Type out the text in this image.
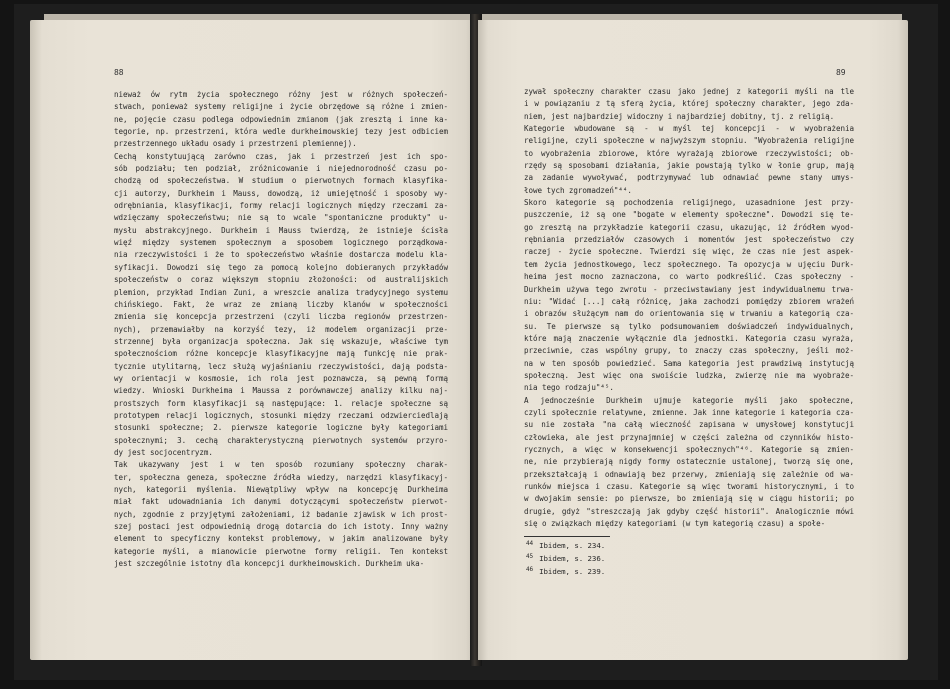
88
nieważ ów rytm życia społecznego różny jest w różnych społeczeń-
stwach, ponieważ systemy religijne i życie obrzędowe są różne i zmien-
ne, pojęcie czasu podlega odpowiednim zmianom (jak zresztą i inne ka-
tegorie, np. przestrzeni, która wedle durkheimowskiej tezy jest odbiciem
przestrzennego układu osady i przestrzeni plemiennej).
Cechą konstytuującą zarówno czas, jak i przestrzeń jest ich spo-
sób podziału; ten podział, zróżnicowanie i niejednorodność czasu po-
chodzą od społeczeństwa. W studium o pierwotnych formach klasyfika-
cji autorzy, Durkheim i Mauss, dowodzą, iż umiejętność i sposoby wy-
odrębniania, klasyfikacji, formy relacji logicznych między rzeczami za-
wdzięczamy społeczeństwu; nie są to wcale "spontaniczne produkty" u-
mysłu abstrakcyjnego. Durkheim i Mauss twierdzą, że istnieje ścisła
więź między systemem społecznym a sposobem logicznego porządkowa-
nia rzeczywistości i że to społeczeństwo właśnie dostarcza modelu kla-
syfikacji. Dowodzi się tego za pomocą kolejno dobieranych przykładów
społeczeństw o coraz większym stopniu złożoności: od australijskich
plemion, przykład Indian Zuni, a wreszcie analiza tradycyjnego systemu
chińskiego. Fakt, że wraz ze zmianą liczby klanów w społeczności
zmienia się koncepcja przestrzeni (czyli liczba regionów przestrzen-
nych), przemawiałby na korzyść tezy, iż modelem organizacji prze-
strzennej była organizacja społeczna. Jak się wskazuje, właściwe tym
społecznościom różne koncepcje klasyfikacyjne mają funkcję nie prak-
tycznie utylitarną, lecz służą wyjaśnianiu rzeczywistości, dają podsta-
wy orientacji w kosmosie, ich rola jest poznawcza, są pewną formą
wiedzy. Wnioski Durkheima i Maussa z porównawczej analizy kilku naj-
prostszych form klasyfikacji są następujące: 1. relacje społeczne są
prototypem relacji logicznych, stosunki między rzeczami odzwierciedlają
stosunki społeczne; 2. pierwsze kategorie logiczne były kategoriami
społecznymi; 3. cechą charakterystyczną pierwotnych systemów przyro-
dy jest socjocentryzm.
Tak ukazywany jest i w ten sposób rozumiany społeczny charak-
ter, społeczna geneza, społeczne źródła wiedzy, narzędzi klasyfikacyj-
nych, kategorii myślenia. Niewątpliwy wpływ na koncepcję Durkheima
miał fakt udowadniania ich danymi dotyczącymi społeczeństw pierwot-
nych, zgodnie z przyjętymi założeniami, iż badanie zjawisk w ich prost-
szej postaci jest odpowiednią drogą dotarcia do ich istoty. Inny ważny
element to specyficzny kontekst problemowy, w jakim analizowane były
kategorie myśli, a mianowicie pierwotne formy religii. Ten kontekst
jest szczególnie istotny dla koncepcji durkheimowskich. Durkheim uka-
89
zywał społeczny charakter czasu jako jednej z kategorii myśli na tle
i w powiązaniu z tą sferą życia, której społeczny charakter, jego zda-
niem, jest najbardziej widoczny i najbardziej dobitny, tj. z religią.
Kategorie wbudowane są - w myśl tej koncepcji - w wyobrażenia
religijne, czyli społeczne w najwyższym stopniu. "Wyobrażenia religijne
to wyobrażenia zbiorowe, które wyrażają zbiorowe rzeczywistości; ob-
rzędy są sposobami działania, jakie powstają tylko w łonie grup, mają
za zadanie wywoływać, podtrzymywać lub odnawiać pewne stany umys-
łowe tych zgromadzeń"⁴⁴.
Skoro kategorie są pochodzenia religijnego, uzasadnione jest przy-
puszczenie, iż są one "bogate w elementy społeczne". Dowodzi się te-
go zresztą na przykładzie kategorii czasu, ukazując, iż źródłem wyod-
rębniania przedziałów czasowych i momentów jest społeczeństwo czy
raczej - życie społeczne. Twierdzi się więc, że czas nie jest aspek-
tem życia jednostkowego, lecz społecznego. Ta opozycja w ujęciu Durk-
heima jest mocno zaznaczona, co warto podkreślić. Czas społeczny -
Durkheim używa tego zwrotu - przeciwstawiany jest indywidualnemu trwa-
niu: "Widać [...] całą różnicę, jaka zachodzi pomiędzy zbiorem wrażeń
i obrazów służącym nam do orientowania się w trwaniu a kategorią cza-
su. Te pierwsze są tylko podsumowaniem doświadczeń indywidualnych,
które mają znaczenie wyłącznie dla jednostki. Kategoria czasu wyraża,
przeciwnie, czas wspólny grupy, to znaczy czas społeczny, jeśli moż-
na w ten sposób powiedzieć. Sama kategoria jest prawdziwą instytucją
społeczną. Jest więc ona swoiście ludzka, zwierzę nie ma wyobraże-
nia tego rodzaju"⁴⁵.
A jednocześnie Durkheim ujmuje kategorie myśli jako społeczne,
czyli społecznie relatywne, zmienne. Jak inne kategorie i kategoria cza-
su nie została "na całą wieczność zapisana w umysłowej konstytucji
człowieka, ale jest przynajmniej w części zależna od czynników histo-
rycznych, a więc w konsekwencji społecznych"⁴⁶. Kategorie są zmien-
ne, nie przybierają nigdy formy ostatecznie ustalonej, tworzą się one,
przekształcają i odnawiają bez przerwy, zmieniają się zależnie od wa-
runków miejsca i czasu. Kategorie są więc tworami historycznymi, i to
w dwojakim sensie: po pierwsze, bo zmieniają się w ciągu historii; po
drugie, gdyż "streszczają jak gdyby część historii". Analogicznie mówi
się o związkach między kategoriami (w tym kategorią czasu) a społe-
$^{44}$ Ibidem, s. 234.
$^{45}$ Ibidem, s. 236.
$^{46}$ Ibidem, s. 239.
